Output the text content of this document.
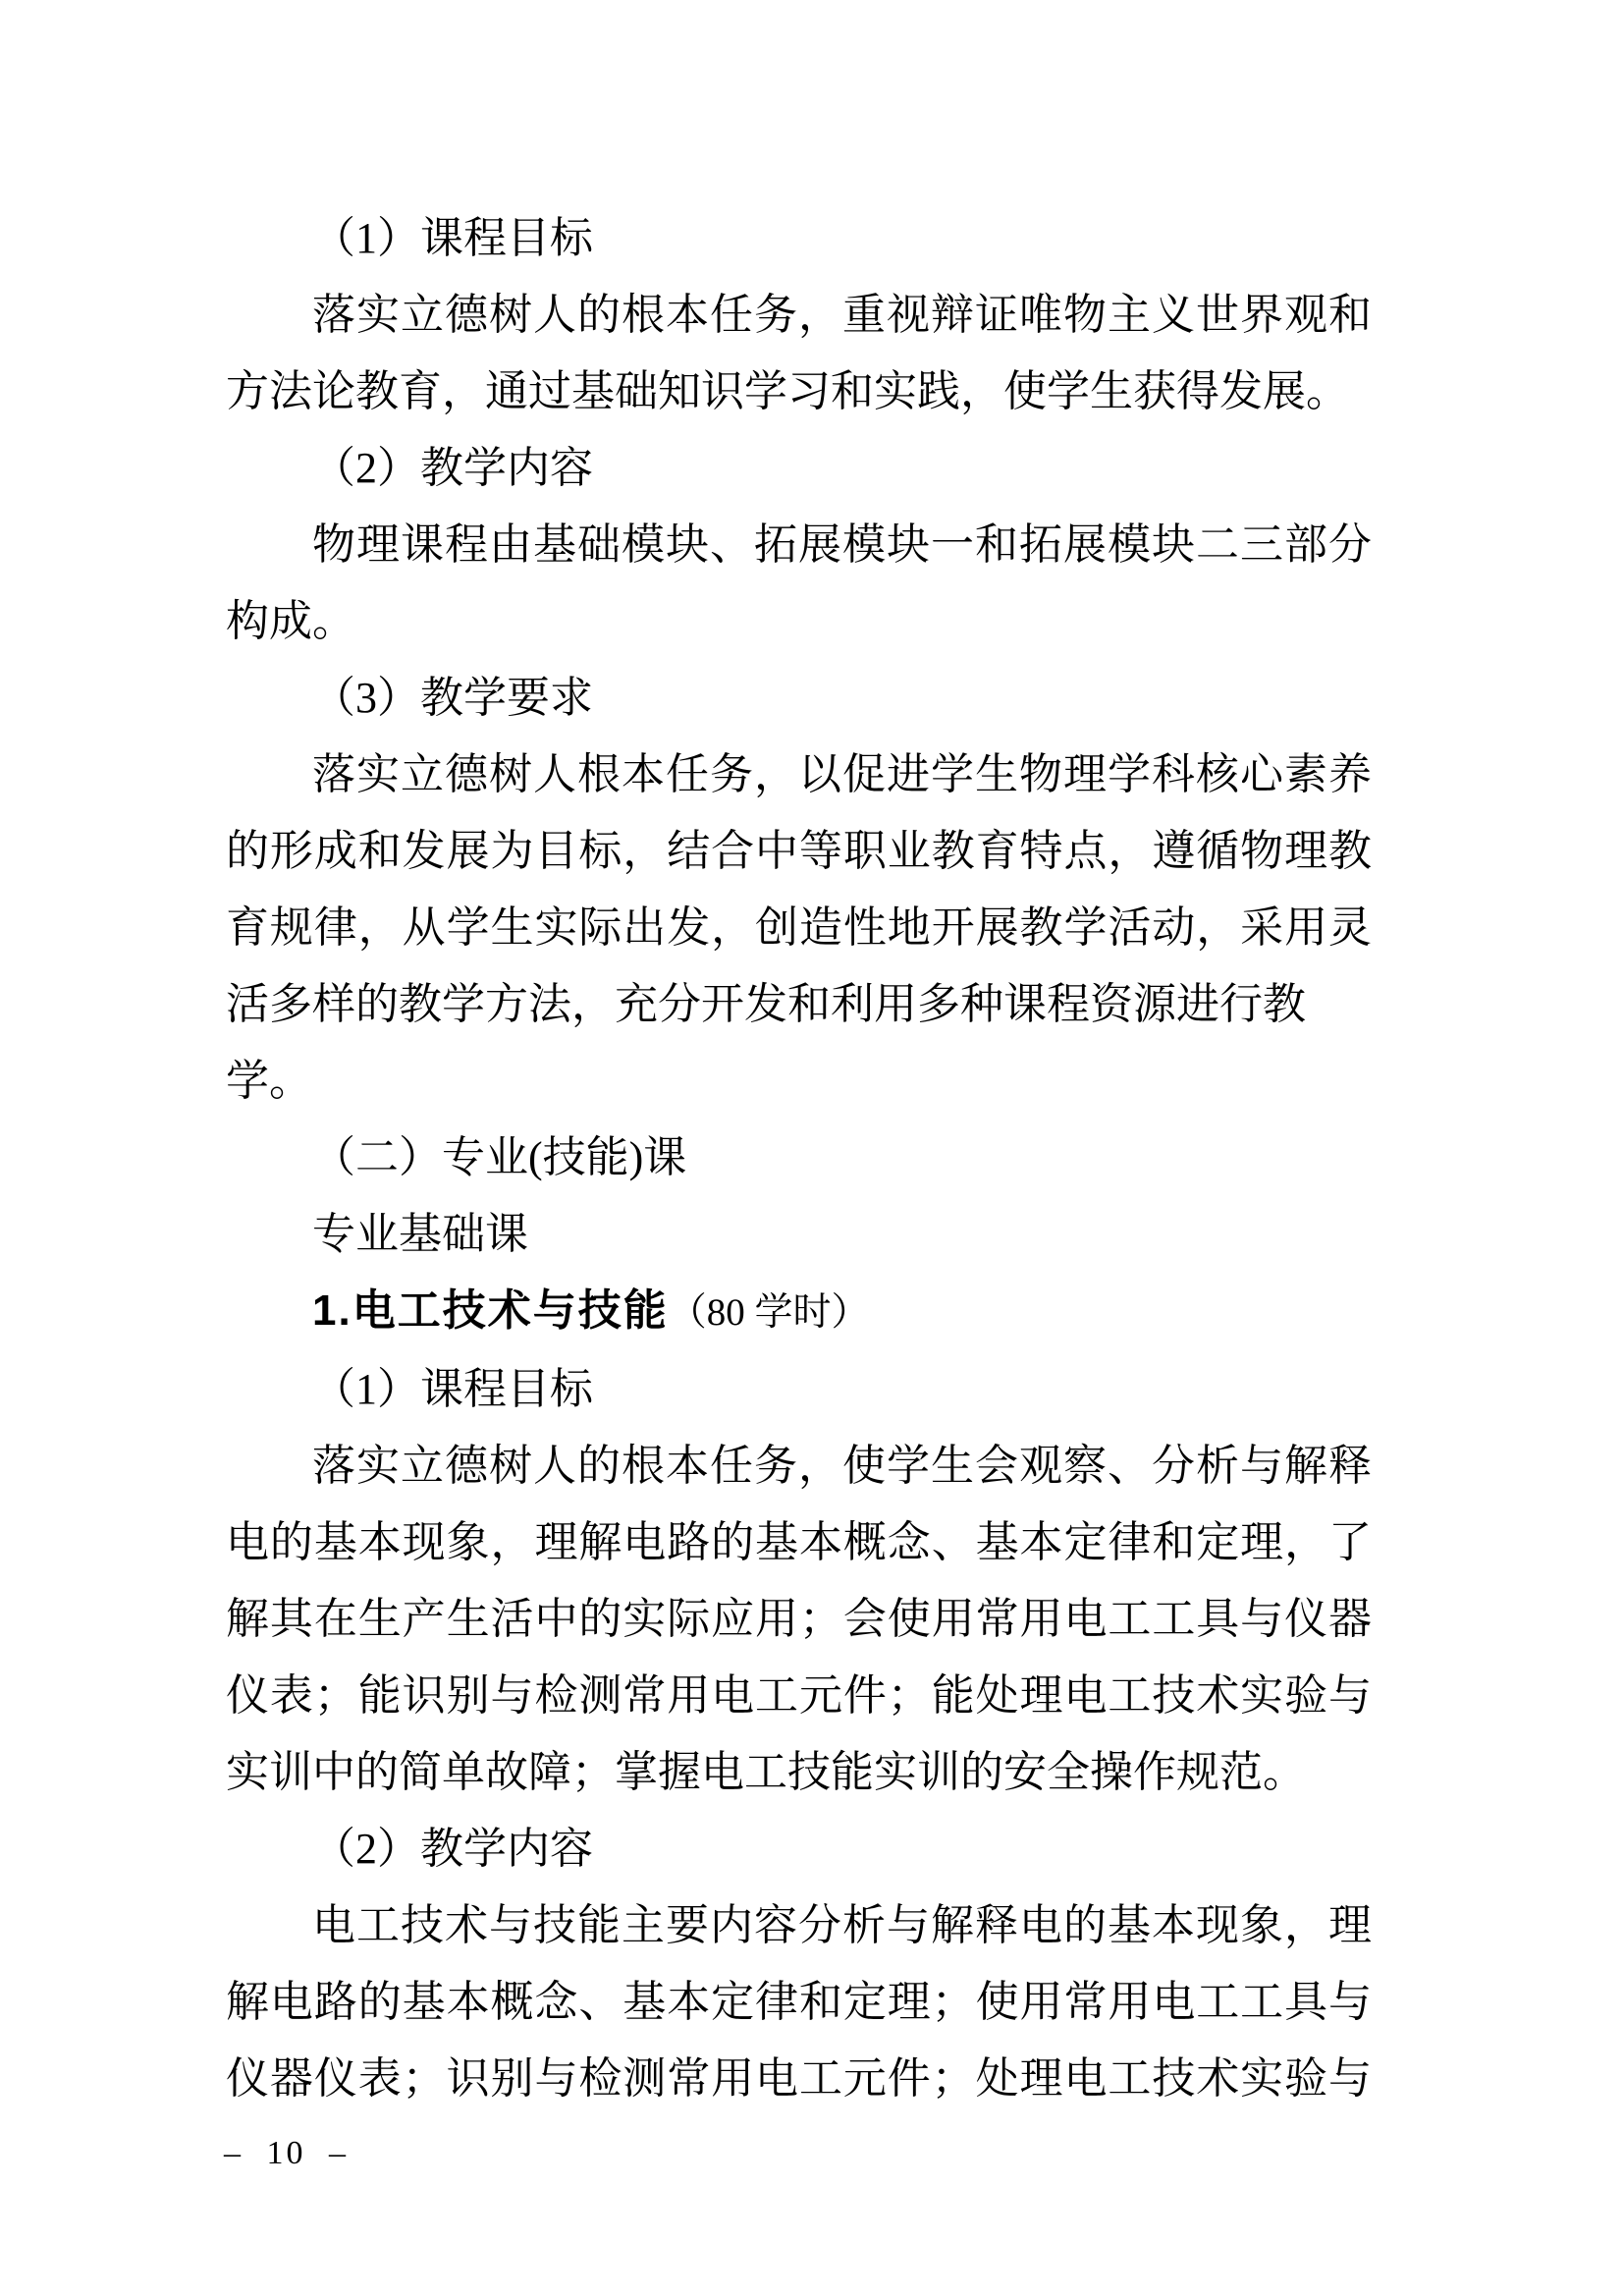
（1）课程目标
落实立德树人的根本任务，重视辩证唯物主义世界观和
方法论教育，通过基础知识学习和实践，使学生获得发展。
（2）教学内容
物理课程由基础模块、拓展模块一和拓展模块二三部分
构成。
（3）教学要求
落实立德树人根本任务，以促进学生物理学科核心素养
的形成和发展为目标，结合中等职业教育特点，遵循物理教
育规律，从学生实际出发，创造性地开展教学活动，采用灵
活多样的教学方法，充分开发和利用多种课程资源进行教学。
（二）专业(技能)课
专业基础课
1.电工技术与技能（80 学时）
（1）课程目标
落实立德树人的根本任务，使学生会观察、分析与解释
电的基本现象，理解电路的基本概念、基本定律和定理，了
解其在生产生活中的实际应用；会使用常用电工工具与仪器
仪表；能识别与检测常用电工元件；能处理电工技术实验与
实训中的简单故障；掌握电工技能实训的安全操作规范。
（2）教学内容
电工技术与技能主要内容分析与解释电的基本现象，理
解电路的基本概念、基本定律和定理；使用常用电工工具与
仪器仪表；识别与检测常用电工元件；处理电工技术实验与
– 10 –
